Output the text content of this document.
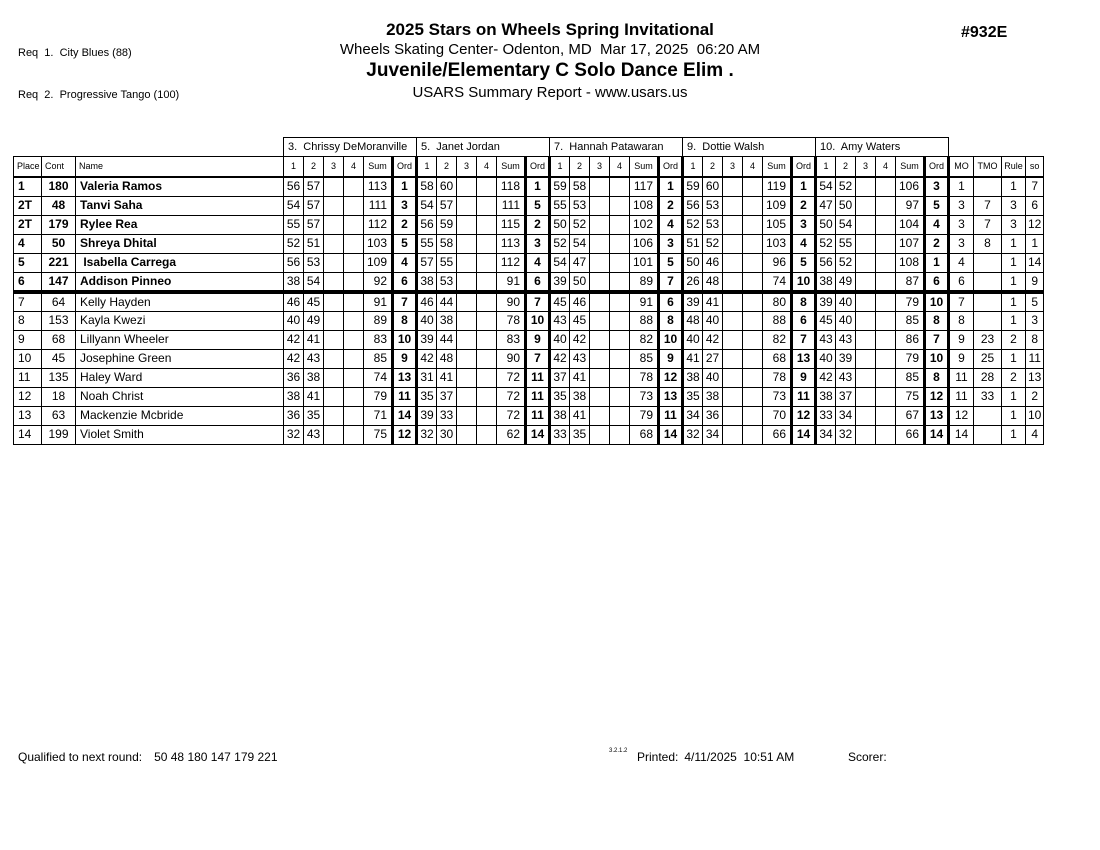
Req  1.  City Blues (88)

Req  2.  Progressive Tango (100)

2025 Stars on Wheels Spring Invitational
Wheels Skating Center- Odenton, MD  Mar 17, 2025  06:20 AM
Juvenile/Elementary C Solo Dance Elim .
USARS Summary Report - www.usars.us
#932E
			3.  Chrissy DeMoranville						5.  Janet Jordan						7.  Hannah Patawaran						9.  Dottie Walsh						10.  Amy Waters									
Place	Cont	Name	1	2	3	4	Sum	Ord	1	2	3	4	Sum	Ord	1	2	3	4	Sum	Ord	1	2	3	4	Sum	Ord	1	2	3	4	Sum	Ord	MO	TMO	Rule	so
1	180	Valeria Ramos	56	57			113	1	58	60			118	1	59	58			117	1	59	60			119	1	54	52			106	3	1		1	7
2T	48	Tanvi Saha	54	57			111	3	54	57			111	5	55	53			108	2	56	53			109	2	47	50			97	5	3	7	3	6
2T	179	Rylee Rea	55	57			112	2	56	59			115	2	50	52			102	4	52	53			105	3	50	54			104	4	3	7	3	12
4	50	Shreya Dhital	52	51			103	5	55	58			113	3	52	54			106	3	51	52			103	4	52	55			107	2	3	8	1	1
5	221	Isabella Carrega	56	53			109	4	57	55			112	4	54	47			101	5	50	46			96	5	56	52			108	1	4		1	14
6	147	Addison Pinneo	38	54			92	6	38	53			91	6	39	50			89	7	26	48			74	10	38	49			87	6	6		1	9
7	64	Kelly Hayden	46	45			91	7	46	44			90	7	45	46			91	6	39	41			80	8	39	40			79	10	7		1	5
8	153	Kayla Kwezi	40	49			89	8	40	38			78	10	43	45			88	8	48	40			88	6	45	40			85	8	8		1	3
9	68	Lillyann Wheeler	42	41			83	10	39	44			83	9	40	42			82	10	40	42			82	7	43	43			86	7	9	23	2	8
10	45	Josephine Green	42	43			85	9	42	48			90	7	42	43			85	9	41	27			68	13	40	39			79	10	9	25	1	11
11	135	Haley Ward	36	38			74	13	31	41			72	11	37	41			78	12	38	40			78	9	42	43			85	8	11	28	2	13
12	18	Noah Christ	38	41			79	11	35	37			72	11	35	38			73	13	35	38			73	11	38	37			75	12	11	33	1	2
13	63	Mackenzie Mcbride	36	35			71	14	39	33			72	11	38	41			79	11	34	36			70	12	33	34			67	13	12		1	10
14	199	Violet Smith	32	43			75	12	32	30			62	14	33	35			68	14	32	34			66	14	34	32			66	14	14		1	4
Qualified to next round: 50 48 180 147 179 221	3.2.1.2 Printed: 4/11/2025  10:51 AM	Scorer:
